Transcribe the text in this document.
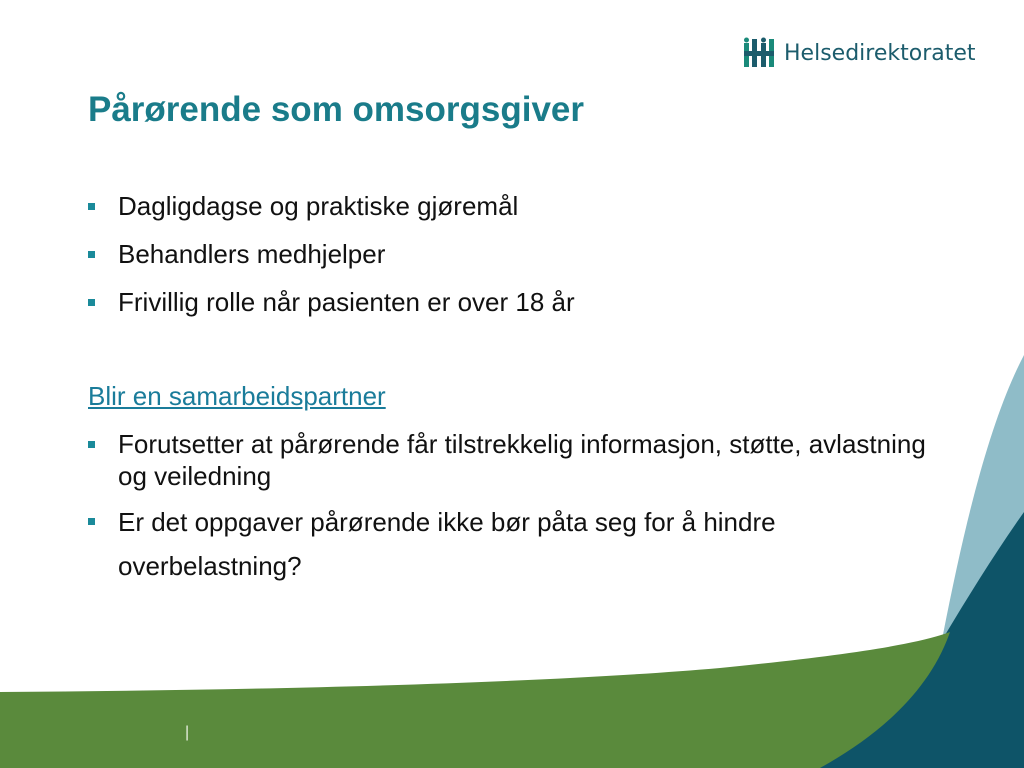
Helsedirektoratet
Pårørende som omsorgsgiver
Dagligdagse og praktiske gjøremål
Behandlers medhjelper
Frivillig rolle når pasienten er over 18 år

Blir en samarbeidspartner

Forutsetter at pårørende får tilstrekkelig informasjon, støtte, avlastning og veiledning
Er det oppgaver pårørende ikke bør påta seg for å hindre overbelastning?
|
